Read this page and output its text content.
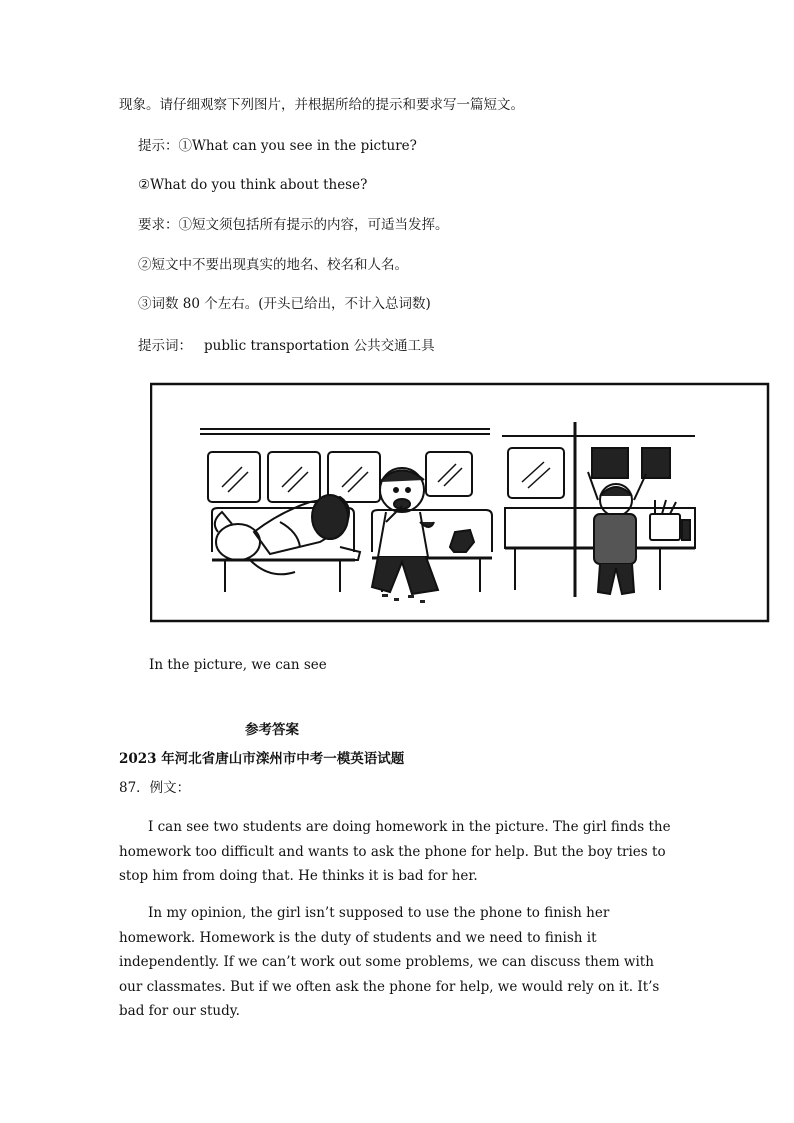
现象。请仔细观察下列图片，并根据所给的提示和要求写一篇短文。
提示：①What can you see in the picture?
②What do you think about these?
要求：①短文须包括所有提示的内容，可适当发挥。
②短文中不要出现真实的地名、校名和人名。
③词数 80 个左右。(开头已给出，不计入总词数)
提示词： public transportation 公共交通工具
In the picture, we can see
参考答案
2023 年河北省唐山市滦州市中考一模英语试题
87．例文：
I can see two students are doing homework in the picture. The girl finds the homework too difficult and wants to ask the phone for help. But the boy tries to stop him from doing that. He thinks it is bad for her.
In my opinion, the girl isn’t supposed to use the phone to finish her homework. Homework is the duty of students and we need to finish it independently. If we can’t work out some problems, we can discuss them with our classmates. But if we often ask the phone for help, we would rely on it. It’s bad for our study.
